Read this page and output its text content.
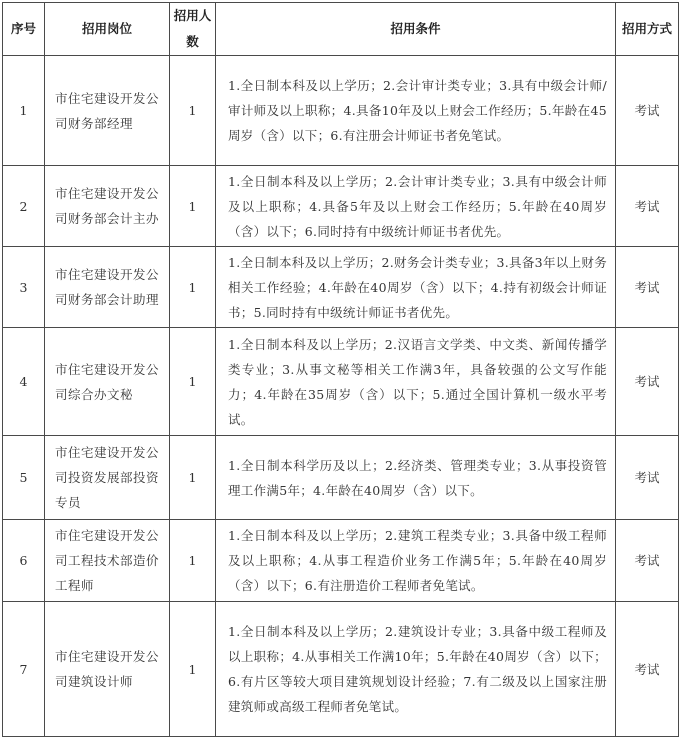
序号	招用岗位	招用人数	招用条件	招用方式
1	市住宅建设开发公司财务部经理	1	1.全日制本科及以上学历；2.会计审计类专业；3.具有中级会计师/审计师及以上职称；4.具备10年及以上财会工作经历；5.年龄在45周岁（含）以下；6.有注册会计师证书者免笔试。	考试
2	市住宅建设开发公司财务部会计主办	1	1.全日制本科及以上学历；2.会计审计类专业；3.具有中级会计师及以上职称；4.具备5年及以上财会工作经历；5.年龄在40周岁（含）以下；6.同时持有中级统计师证书者优先。	考试
3	市住宅建设开发公司财务部会计助理	1	1.全日制本科及以上学历；2.财务会计类专业；3.具备3年以上财务相关工作经验；4.年龄在40周岁（含）以下；4.持有初级会计师证书；5.同时持有中级统计师证书者优先。	考试
4	市住宅建设开发公司综合办文秘	1	1.全日制本科及以上学历；2.汉语言文学类、中文类、新闻传播学类专业；3.从事文秘等相关工作满3年，具备较强的公文写作能力；4.年龄在35周岁（含）以下；5.通过全国计算机一级水平考试。	考试
5	市住宅建设开发公司投资发展部投资专员	1	1.全日制本科学历及以上；2.经济类、管理类专业；3.从事投资管理工作满5年；4.年龄在40周岁（含）以下。	考试
6	市住宅建设开发公司工程技术部造价工程师	1	1.全日制本科及以上学历；2.建筑工程类专业；3.具备中级工程师及以上职称；4.从事工程造价业务工作满5年；5.年龄在40周岁（含）以下；6.有注册造价工程师者免笔试。	考试
7	市住宅建设开发公司建筑设计师	1	1.全日制本科及以上学历；2.建筑设计专业；3.具备中级工程师及以上职称；4.从事相关工作满10年；5.年龄在40周岁（含）以下；6.有片区等较大项目建筑规划设计经验；7.有二级及以上国家注册建筑师或高级工程师者免笔试。	考试
